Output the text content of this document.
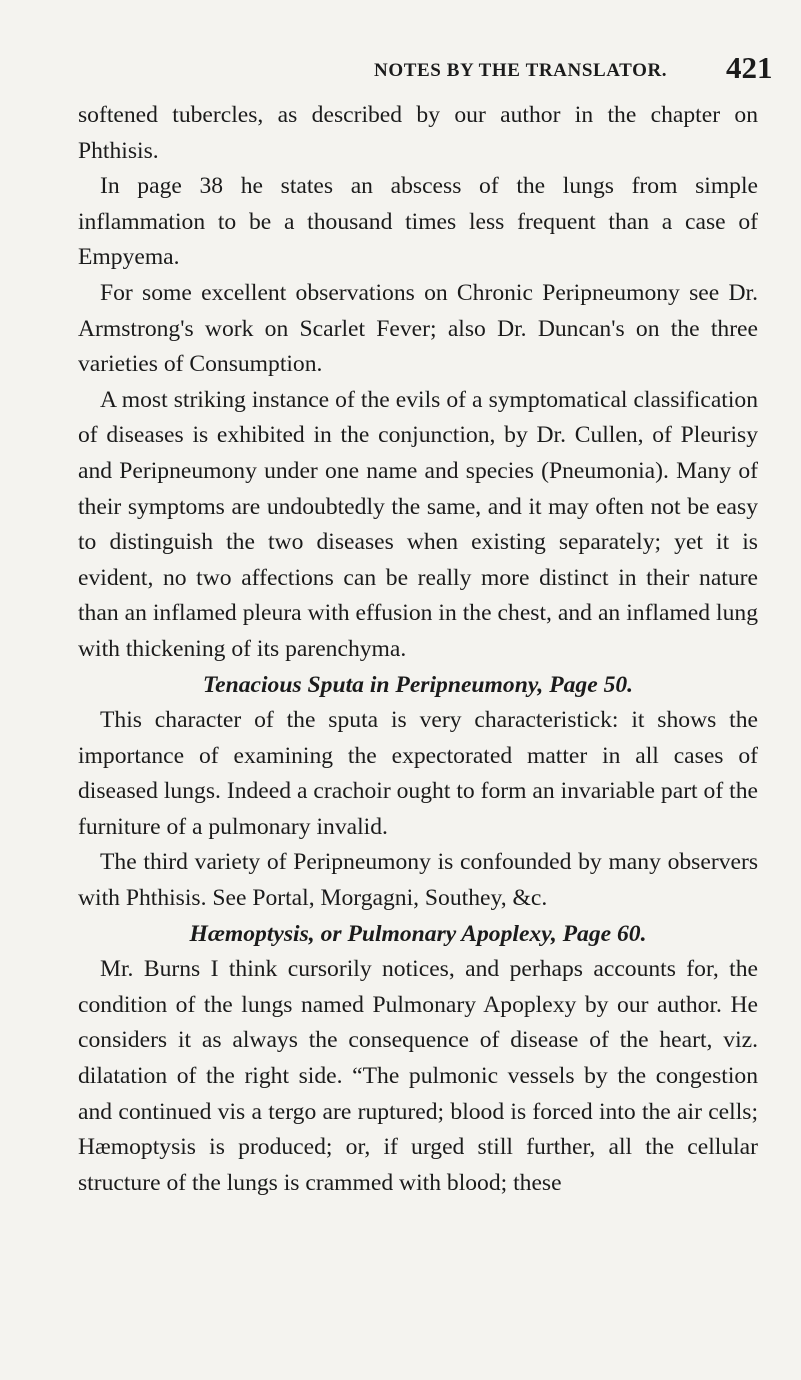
NOTES BY THE TRANSLATOR. 421

softened tubercles, as described by our author in the chapter on Phthisis.

In page 38 he states an abscess of the lungs from simple inflammation to be a thousand times less frequent than a case of Empyema.

For some excellent observations on Chronic Peripneumony see Dr. Armstrong's work on Scarlet Fever; also Dr. Duncan's on the three varieties of Consumption.

A most striking instance of the evils of a symptomatical classification of diseases is exhibited in the conjunction, by Dr. Cullen, of Pleurisy and Peripneumony under one name and species (Pneumonia). Many of their symptoms are undoubtedly the same, and it may often not be easy to distinguish the two diseases when existing separately; yet it is evident, no two affections can be really more distinct in their nature than an inflamed pleura with effusion in the chest, and an inflamed lung with thickening of its parenchyma.

Tenacious Sputa in Peripneumony, Page 50.

This character of the sputa is very characteristick: it shows the importance of examining the expectorated matter in all cases of diseased lungs. Indeed a crachoir ought to form an invariable part of the furniture of a pulmonary invalid.

The third variety of Peripneumony is confounded by many observers with Phthisis. See Portal, Morgagni, Southey, &c.

Hæmoptysis, or Pulmonary Apoplexy, Page 60.

Mr. Burns I think cursorily notices, and perhaps accounts for, the condition of the lungs named Pulmonary Apoplexy by our author. He considers it as always the consequence of disease of the heart, viz. dilatation of the right side. “The pulmonic vessels by the congestion and continued vis a tergo are ruptured; blood is forced into the air cells; Hæmoptysis is produced; or, if urged still further, all the cellular structure of the lungs is crammed with blood; these
